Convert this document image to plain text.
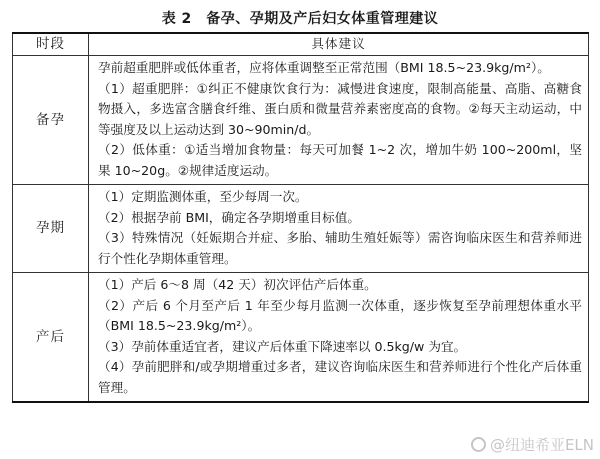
表 2　备孕、孕期及产后妇女体重管理建议
时段	具体建议
备孕	孕前超重肥胖或低体重者，应将体重调整至正常范围（BMI 18.5~23.9kg/m²）。

（1）超重肥胖：①纠正不健康饮食行为：减慢进食速度，限制高能量、高脂、高糖食物摄入，多选富含膳食纤维、蛋白质和微量营养素密度高的食物。②每天主动运动，中等强度及以上运动达到 30~90min/d。

（2）低体重：①适当增加食物量：每天可加餐 1~2 次，增加牛奶 100~200ml，坚果 10~20g。②规律适度运动。

孕期	（1）定期监测体重，至少每周一次。

（2）根据孕前 BMI，确定各孕期增重目标值。

（3）特殊情况（妊娠期合并症、多胎、辅助生殖妊娠等）需咨询临床医生和营养师进行个性化孕期体重管理。

产后	（1）产后 6～8 周（42 天）初次评估产后体重。

（2）产后 6 个月至产后 1 年至少每月监测一次体重，逐步恢复至孕前理想体重水平（BMI 18.5~23.9kg/m²）。

（3）孕前体重适宜者，建议产后体重下降速率以 0.5kg/w 为宜。

（4）孕前肥胖和/或孕期增重过多者，建议咨询临床医生和营养师进行个性化产后体重管理。

@纽迪希亚ELN
